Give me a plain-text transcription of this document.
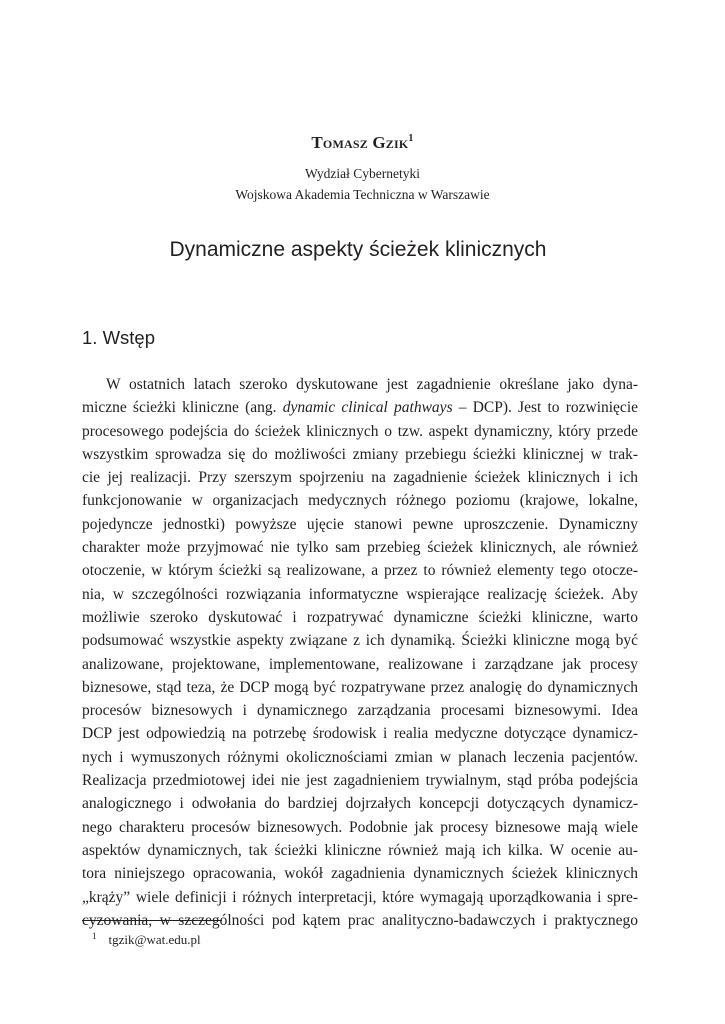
Tomasz Gzik$^1$

Wydział Cybernetyki

Wojskowa Akademia Techniczna w Warszawie

Dynamiczne aspekty ścieżek klinicznych
1. Wstęp
W ostatnich latach szeroko dyskutowane jest zagadnienie określane jako dyna-
miczne ścieżki kliniczne (ang. dynamic clinical pathways – DCP). Jest to rozwinięcie
procesowego podejścia do ścieżek klinicznych o tzw. aspekt dynamiczny, który przede
wszystkim sprowadza się do możliwości zmiany przebiegu ścieżki klinicznej w trak-
cie jej realizacji. Przy szerszym spojrzeniu na zagadnienie ścieżek klinicznych i ich
funkcjonowanie w organizacjach medycznych różnego poziomu (krajowe, lokalne,
pojedyncze jednostki) powyższe ujęcie stanowi pewne uproszczenie. Dynamiczny
charakter może przyjmować nie tylko sam przebieg ścieżek klinicznych, ale również
otoczenie, w którym ścieżki są realizowane, a przez to również elementy tego otocze-
nia, w szczególności rozwiązania informatyczne wspierające realizację ścieżek. Aby
możliwie szeroko dyskutować i rozpatrywać dynamiczne ścieżki kliniczne, warto
podsumować wszystkie aspekty związane z ich dynamiką. Ścieżki kliniczne mogą być
analizowane, projektowane, implementowane, realizowane i zarządzane jak procesy
biznesowe, stąd teza, że DCP mogą być rozpatrywane przez analogię do dynamicznych
procesów biznesowych i dynamicznego zarządzania procesami biznesowymi. Idea
DCP jest odpowiedzią na potrzebę środowisk i realia medyczne dotyczące dynamicz-
nych i wymuszonych różnymi okolicznościami zmian w planach leczenia pacjentów.
Realizacja przedmiotowej idei nie jest zagadnieniem trywialnym, stąd próba podejścia
analogicznego i odwołania do bardziej dojrzałych koncepcji dotyczących dynamicz-
nego charakteru procesów biznesowych. Podobnie jak procesy biznesowe mają wiele
aspektów dynamicznych, tak ścieżki kliniczne również mają ich kilka. W ocenie au-
tora niniejszego opracowania, wokół zagadnienia dynamicznych ścieżek klinicznych
„krąży” wiele definicji i różnych interpretacji, które wymagają uporządkowania i spre-
cyzowania, w szczególności pod kątem prac analityczno-badawczych i praktycznego

$^1$ tgzik@wat.edu.pl
